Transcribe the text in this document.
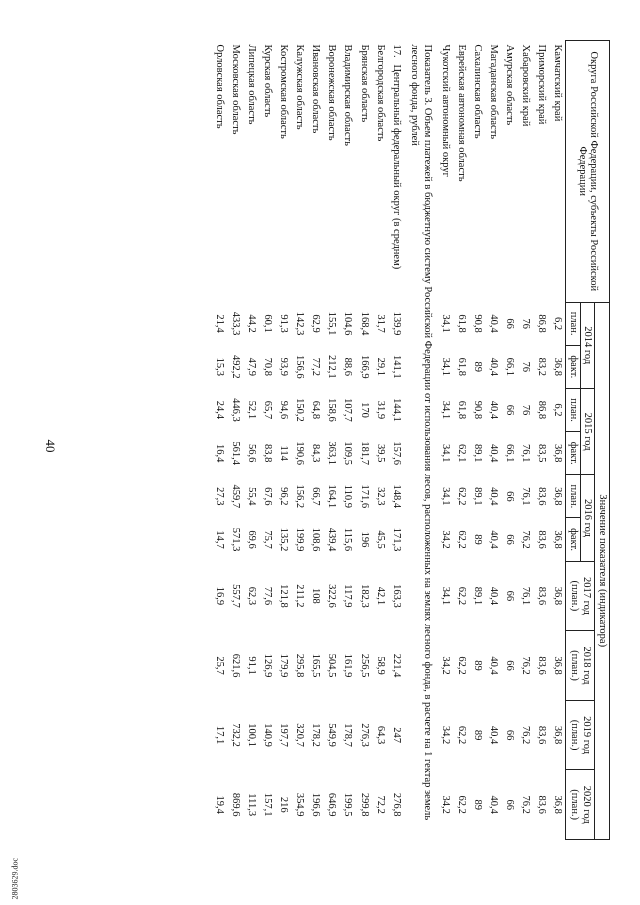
40
2803629.doc
Округа Российской Федерации, субъекты Российской Федерации	Значение показателя (индикатора)									
	2014 год		2015 год		2016 год		2017 год (план.)	2018 год (план.)	2019 год (план.)	2020 год (план.)
	план.	факт.	план.	факт.	план.	факт.				
Камчатский край	6,2	36,8	6,2	36,8	36,8	36,8	36,8	36,8	36,8	36,8
Приморский край	86,8	83,2	86,8	83,5	83,6	83,6	83,6	83,6	83,6	83,6
Хабаровский край	76	76	76	76,1	76,1	76,2	76,1	76,2	76,2	76,2
Амурская область	66	66,1	66	66,1	66	66	66	66	66	66
Магаданская область	40,4	40,4	40,4	40,4	40,4	40,4	40,4	40,4	40,4	40,4
Сахалинская область	90,8	89	90,8	89,1	89,1	89	89,1	89	89	89
Еврейская автономная область	61,8	61,8	61,8	62,1	62,2	62,2	62,2	62,2	62,2	62,2
Чукотский автономный округ	34,1	34,1	34,1	34,1	34,1	34,2	34,1	34,2	34,2	34,2
Показатель 3. Объем платежей в бюджетную систему Российской Федерации от использования лесов, расположенных на землях лесного фонда, в расчете на 1 гектар земель лесного фонда, рублей										
17.Центральный федеральный округ (в среднем)	139,9	141,1	144,1	157,6	148,4	171,3	163,3	221,4	247	276,8
Белгородская область	31,7	29,1	31,9	39,5	32,3	45,5	42,1	58,9	64,3	72,2
Брянская область	168,4	166,9	170	181,7	171,6	196	182,3	256,5	276,3	299,8
Владимирская область	104,6	88,6	107,7	109,5	110,9	115,6	117,9	161,9	178,7	199,5
Воронежская область	155,1	212,1	158,6	363,1	164,1	439,4	322,6	504,5	549,9	646,9
Ивановская область	62,9	77,2	64,8	84,3	66,7	108,6	108	165,5	178,2	196,6
Калужская область	142,3	156,6	150,2	190,6	156,2	199,9	211,2	295,8	320,7	354,9
Костромская область	91,3	93,9	94,6	114	96,2	135,2	121,8	179,9	197,7	216
Курская область	60,1	70,8	65,7	83,8	67,6	75,7	77,6	126,9	140,9	157,1
Липецкая область	44,2	47,9	52,1	56,6	55,4	69,6	62,3	91,1	100,1	111,3
Московская область	433,3	492,2	446,3	561,4	459,7	571,3	557,7	621,6	732,2	869,6
Орловская область	21,4	15,3	24,4	16,4	27,3	14,7	16,9	25,7	17,1	19,4
